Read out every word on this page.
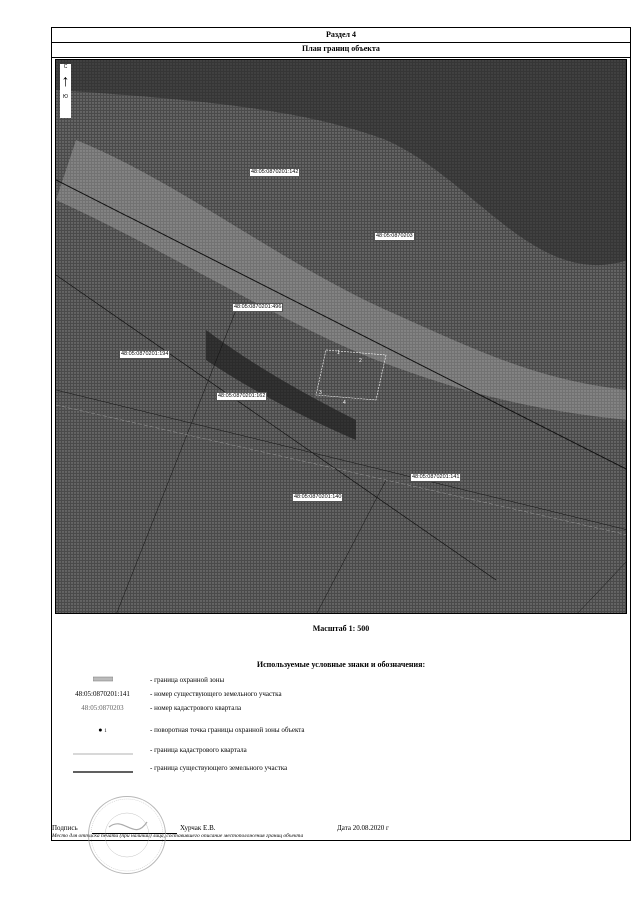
Раздел 4
План границ объекта
С
↑
Ю
48:05:0870201:142
48:05:0870203
48:05:0870201:496
48:05:0870201:194
48:05:0870201:162
48:05:0870201:141
48:05:0870201:140
1
2
3
4
Масштаб 1: 500
Используемые условные знаки и обозначения:
- граница охранной зоны
48:05:0870201:141	- номер существующего земельного участка
48:05:0870203	- номер кадастрового квартала
● 1	- поворотная точка границы охранной зоны объекта
- граница кадастрового квартала
- граница существующего земельного участка
Подпись	Хурчак Е.В.	Дата 20.08.2020 г
Место для оттиска печати (при наличии) лица, составившего описание местоположения границ объекта
